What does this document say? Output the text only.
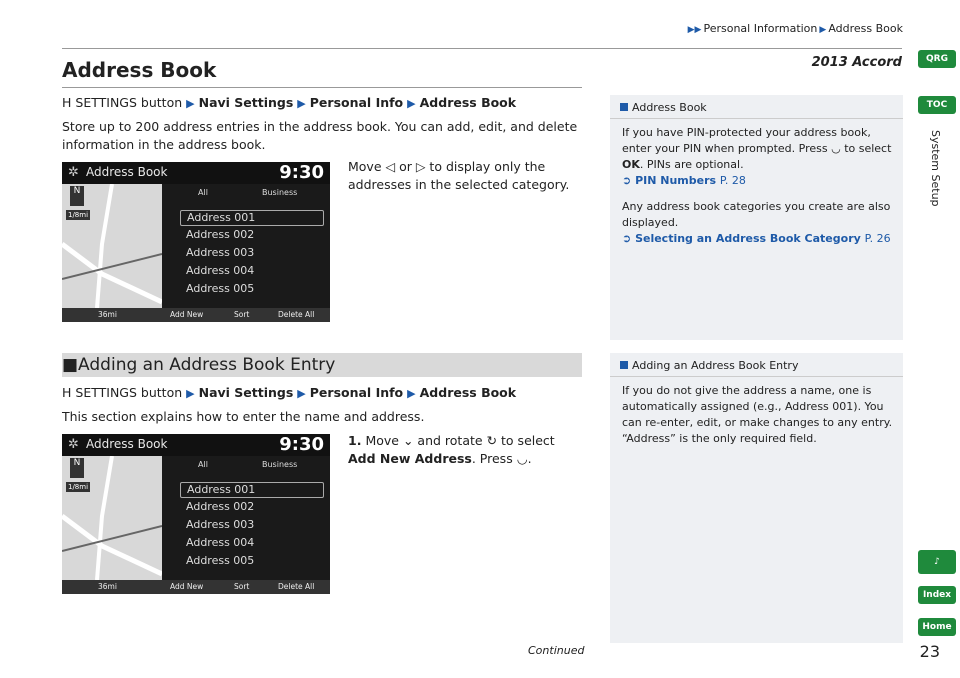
▶▶ Personal Information ▶ Address Book
2013 Accord
Address Book
H SETTINGS button ▶ Navi Settings ▶ Personal Info ▶ Address Book
Store up to 200 address entries in the address book. You can add, edit, and delete information in the address book.
Move ◁ or ▷ to display only the addresses in the selected category.
✲ Address Book	9:30
N
1/8mi
All	Business
Address 001
Address 002
Address 003
Address 004
Address 005
36mi	Add New	Sort	Delete All
Address Book
If you have PIN-protected your address book, enter your PIN when prompted. Press ◡ to select OK. PINs are optional.
➲ PIN Numbers P. 28
Any address book categories you create are also displayed.
➲ Selecting an Address Book Category P. 26
■Adding an Address Book Entry
H SETTINGS button ▶ Navi Settings ▶ Personal Info ▶ Address Book
This section explains how to enter the name and address.
1. Move ⌄ and rotate ↻ to select Add New Address. Press ◡.
✲ Address Book	9:30
N
1/8mi
All	Business
Address 001
Address 002
Address 003
Address 004
Address 005
36mi	Add New	Sort	Delete All
Adding an Address Book Entry
If you do not give the address a name, one is automatically assigned (e.g., Address 001). You can re-enter, edit, or make changes to any entry. “Address” is the only required field.
Continued	23
QRG
TOC
System Setup
♪
Index
Home
